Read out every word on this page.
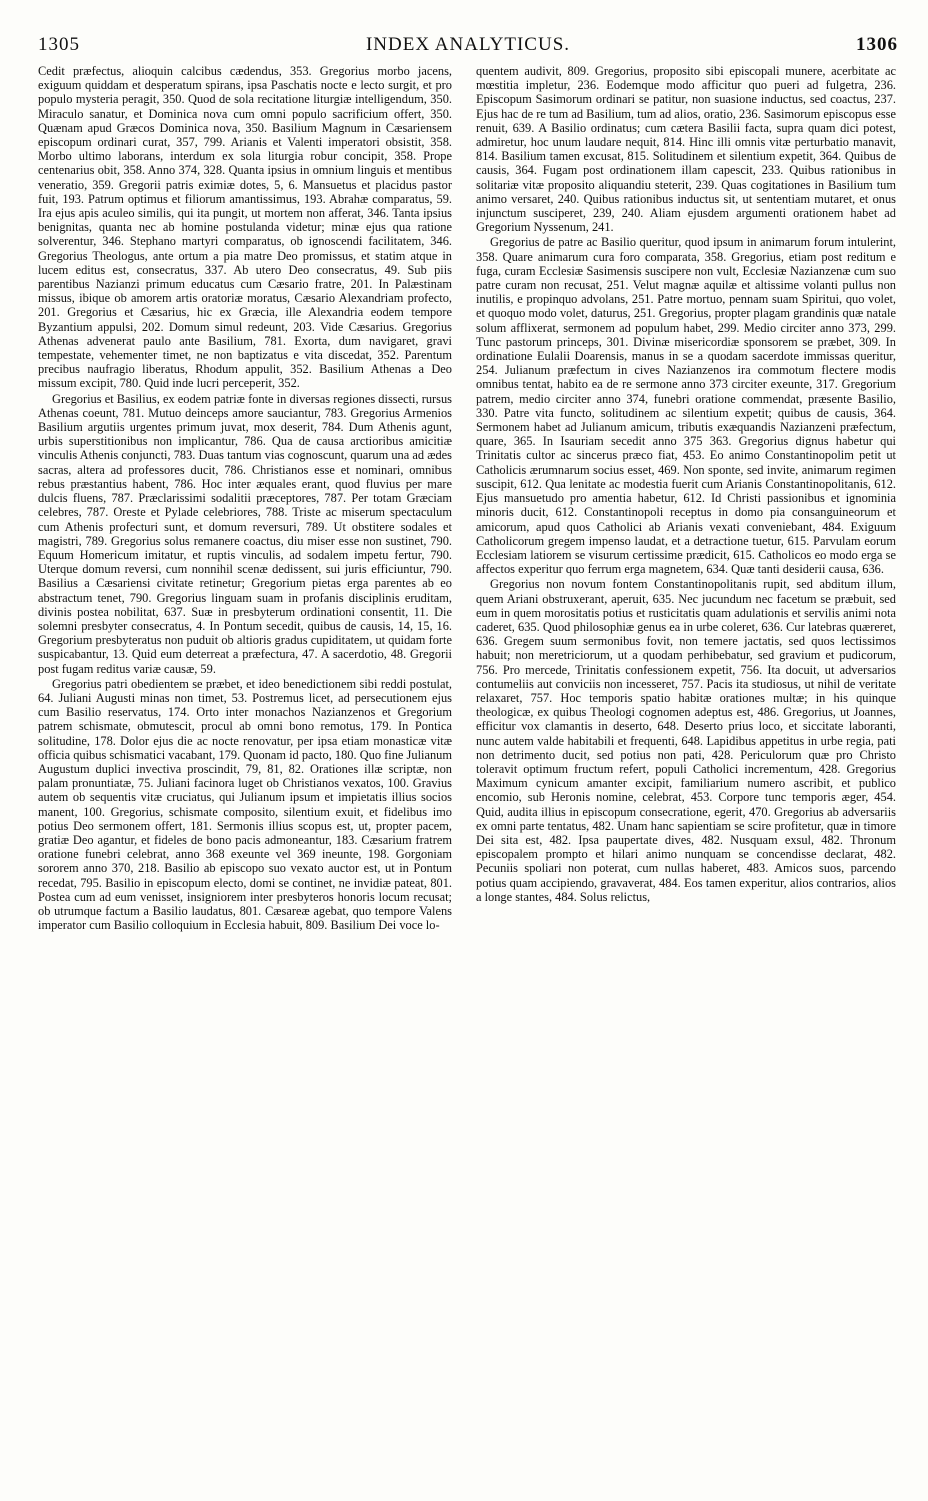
1305	INDEX ANALYTICUS.	1306

Cedit præfectus, alioquin calcibus cædendus, 353. Gregorius morbo jacens, exiguum quiddam et desperatum spirans, ipsa Paschatis nocte e lecto surgit, et pro populo mysteria peragit, 350. Quod de sola recitatione liturgiæ intelligendum, 350. Miraculo sanatur, et Dominica nova cum omni populo sacrificium offert, 350. Quænam apud Græcos Dominica nova, 350. Basilium Magnum in Cæsariensem episcopum ordinari curat, 357, 799. Arianis et Valenti imperatori obsistit, 358. Morbo ultimo laborans, interdum ex sola liturgia robur concipit, 358. Prope centenarius obit, 358. Anno 374, 328. Quanta ipsius in omnium linguis et mentibus veneratio, 359. Gregorii patris eximiæ dotes, 5, 6. Mansuetus et placidus pastor fuit, 193. Patrum optimus et filiorum amantissimus, 193. Abrahæ comparatus, 59. Ira ejus apis aculeo similis, qui ita pungit, ut mortem non afferat, 346. Tanta ipsius benignitas, quanta nec ab homine postulanda videtur; minæ ejus qua ratione solverentur, 346. Stephano martyri comparatus, ob ignoscendi facilitatem, 346. Gregorius Theologus, ante ortum a pia matre Deo promissus, et statim atque in lucem editus est, consecratus, 337. Ab utero Deo consecratus, 49. Sub piis parentibus Nazianzi primum educatus cum Cæsario fratre, 201. In Palæstinam missus, ibique ob amorem artis oratoriæ moratus, Cæsario Alexandriam profecto, 201. Gregorius et Cæsarius, hic ex Græcia, ille Alexandria eodem tempore Byzantium appulsi, 202. Domum simul redeunt, 203. Vide Cæsarius. Gregorius Athenas advenerat paulo ante Basilium, 781. Exorta, dum navigaret, gravi tempestate, vehementer timet, ne non baptizatus e vita discedat, 352. Parentum precibus naufragio liberatus, Rhodum appulit, 352. Basilium Athenas a Deo missum excipit, 780. Quid inde lucri perceperit, 352.

Gregorius et Basilius, ex eodem patriæ fonte in diversas regiones dissecti, rursus Athenas coeunt, 781. Mutuo deinceps amore sauciantur, 783. Gregorius Armenios Basilium argutiis urgentes primum juvat, mox deserit, 784. Dum Athenis agunt, urbis superstitionibus non implicantur, 786. Qua de causa arctioribus amicitiæ vinculis Athenis conjuncti, 783. Duas tantum vias cognoscunt, quarum una ad ædes sacras, altera ad professores ducit, 786. Christianos esse et nominari, omnibus rebus præstantius habent, 786. Hoc inter æquales erant, quod fluvius per mare dulcis fluens, 787. Præclarissimi sodalitii præceptores, 787. Per totam Græciam celebres, 787. Oreste et Pylade celebriores, 788. Triste ac miserum spectaculum cum Athenis profecturi sunt, et domum reversuri, 789. Ut obstitere sodales et magistri, 789. Gregorius solus remanere coactus, diu miser esse non sustinet, 790. Equum Homericum imitatur, et ruptis vinculis, ad sodalem impetu fertur, 790. Uterque domum reversi, cum nonnihil scenæ dedissent, sui juris efficiuntur, 790. Basilius a Cæsariensi civitate retinetur; Gregorium pietas erga parentes ab eo abstractum tenet, 790. Gregorius linguam suam in profanis disciplinis eruditam, divinis postea nobilitat, 637. Suæ in presbyterum ordinationi consentit, 11. Die solemni presbyter consecratus, 4. In Pontum secedit, quibus de causis, 14, 15, 16. Gregorium presbyteratus non puduit ob altioris gradus cupiditatem, ut quidam forte suspicabantur, 13. Quid eum deterreat a præfectura, 47. A sacerdotio, 48. Gregorii post fugam reditus variæ causæ, 59.

Gregorius patri obedientem se præbet, et ideo benedictionem sibi reddi postulat, 64. Juliani Augusti minas non timet, 53. Postremus licet, ad persecutionem ejus cum Basilio reservatus, 174. Orto inter monachos Nazianzenos et Gregorium patrem schismate, obmutescit, procul ab omni bono remotus, 179. In Pontica solitudine, 178. Dolor ejus die ac nocte renovatur, per ipsa etiam monasticæ vitæ officia quibus schismatici vacabant, 179. Quonam id pacto, 180. Quo fine Julianum Augustum duplici invectiva proscindit, 79, 81, 82. Orationes illæ scriptæ, non palam pronuntiatæ, 75. Juliani facinora luget ob Christianos vexatos, 100. Gravius autem ob sequentis vitæ cruciatus, qui Julianum ipsum et impietatis illius socios manent, 100. Gregorius, schismate composito, silentium exuit, et fidelibus imo potius Deo sermonem offert, 181. Sermonis illius scopus est, ut, propter pacem, gratiæ Deo agantur, et fideles de bono pacis admoneantur, 183. Cæsarium fratrem oratione funebri celebrat, anno 368 exeunte vel 369 ineunte, 198. Gorgoniam sororem anno 370, 218. Basilio ab episcopo suo vexato auctor est, ut in Pontum recedat, 795. Basilio in episcopum electo, domi se continet, ne invidiæ pateat, 801. Postea cum ad eum venisset, insigniorem inter presbyteros honoris locum recusat; ob utrumque factum a Basilio laudatus, 801. Cæsareæ agebat, quo tempore Valens imperator cum Basilio colloquium in Ecclesia habuit, 809. Basilium Dei voce lo-

quentem audivit, 809. Gregorius, proposito sibi episcopali munere, acerbitate ac mœstitia impletur, 236. Eodemque modo afficitur quo pueri ad fulgetra, 236. Episcopum Sasimorum ordinari se patitur, non suasione inductus, sed coactus, 237. Ejus hac de re tum ad Basilium, tum ad alios, oratio, 236. Sasimorum episcopus esse renuit, 639. A Basilio ordinatus; cum cætera Basilii facta, supra quam dici potest, admiretur, hoc unum laudare nequit, 814. Hinc illi omnis vitæ perturbatio manavit, 814. Basilium tamen excusat, 815. Solitudinem et silentium expetit, 364. Quibus de causis, 364. Fugam post ordinationem illam capescit, 233. Quibus rationibus in solitariæ vitæ proposito aliquandiu steterit, 239. Quas cogitationes in Basilium tum animo versaret, 240. Quibus rationibus inductus sit, ut sententiam mutaret, et onus injunctum susciperet, 239, 240. Aliam ejusdem argumenti orationem habet ad Gregorium Nyssenum, 241.

Gregorius de patre ac Basilio queritur, quod ipsum in animarum forum intulerint, 358. Quare animarum cura foro comparata, 358. Gregorius, etiam post reditum e fuga, curam Ecclesiæ Sasimensis suscipere non vult, Ecclesiæ Nazianzenæ cum suo patre curam non recusat, 251. Velut magnæ aquilæ et altissime volanti pullus non inutilis, e propinquo advolans, 251. Patre mortuo, pennam suam Spiritui, quo volet, et quoquo modo volet, daturus, 251. Gregorius, propter plagam grandinis quæ natale solum afflixerat, sermonem ad populum habet, 299. Medio circiter anno 373, 299. Tunc pastorum princeps, 301. Divinæ misericordiæ sponsorem se præbet, 309. In ordinatione Eulalii Doarensis, manus in se a quodam sacerdote immissas queritur, 254. Julianum præfectum in cives Nazianzenos ira commotum flectere modis omnibus tentat, habito ea de re sermone anno 373 circiter exeunte, 317. Gregorium patrem, medio circiter anno 374, funebri oratione commendat, præsente Basilio, 330. Patre vita functo, solitudinem ac silentium expetit; quibus de causis, 364. Sermonem habet ad Julianum amicum, tributis exæquandis Nazianzeni præfectum, quare, 365. In Isauriam secedit anno 375 363. Gregorius dignus habetur qui Trinitatis cultor ac sincerus præco fiat, 453. Eo animo Constantinopolim petit ut Catholicis ærumnarum socius esset, 469. Non sponte, sed invite, animarum regimen suscipit, 612. Qua lenitate ac modestia fuerit cum Arianis Constantinopolitanis, 612. Ejus mansuetudo pro amentia habetur, 612. Id Christi passionibus et ignominia minoris ducit, 612. Constantinopoli receptus in domo pia consanguineorum et amicorum, apud quos Catholici ab Arianis vexati conveniebant, 484. Exiguum Catholicorum gregem impenso laudat, et a detractione tuetur, 615. Parvulam eorum Ecclesiam latiorem se visurum certissime prædicit, 615. Catholicos eo modo erga se affectos experitur quo ferrum erga magnetem, 634. Quæ tanti desiderii causa, 636.

Gregorius non novum fontem Constantinopolitanis rupit, sed abditum illum, quem Ariani obstruxerant, aperuit, 635. Nec jucundum nec facetum se præbuit, sed eum in quem morositatis potius et rusticitatis quam adulationis et servilis animi nota caderet, 635. Quod philosophiæ genus ea in urbe coleret, 636. Cur latebras quæreret, 636. Gregem suum sermonibus fovit, non temere jactatis, sed quos lectissimos habuit; non meretriciorum, ut a quodam perhibebatur, sed gravium et pudicorum, 756. Pro mercede, Trinitatis confessionem expetit, 756. Ita docuit, ut adversarios contumeliis aut conviciis non incesseret, 757. Pacis ita studiosus, ut nihil de veritate relaxaret, 757. Hoc temporis spatio habitæ orationes multæ; in his quinque theologicæ, ex quibus Theologi cognomen adeptus est, 486. Gregorius, ut Joannes, efficitur vox clamantis in deserto, 648. Deserto prius loco, et siccitate laboranti, nunc autem valde habitabili et frequenti, 648. Lapidibus appetitus in urbe regia, pati non detrimento ducit, sed potius non pati, 428. Periculorum quæ pro Christo toleravit optimum fructum refert, populi Catholici incrementum, 428. Gregorius Maximum cynicum amanter excipit, familiarium numero ascribit, et publico encomio, sub Heronis nomine, celebrat, 453. Corpore tunc temporis æger, 454. Quid, audita illius in episcopum consecratione, egerit, 470. Gregorius ab adversariis ex omni parte tentatus, 482. Unam hanc sapientiam se scire profitetur, quæ in timore Dei sita est, 482. Ipsa paupertate dives, 482. Nusquam exsul, 482. Thronum episcopalem prompto et hilari animo nunquam se concendisse declarat, 482. Pecuniis spoliari non poterat, cum nullas haberet, 483. Amicos suos, parcendo potius quam accipiendo, gravaverat, 484. Eos tamen experitur, alios contrarios, alios a longe stantes, 484. Solus relictus,
